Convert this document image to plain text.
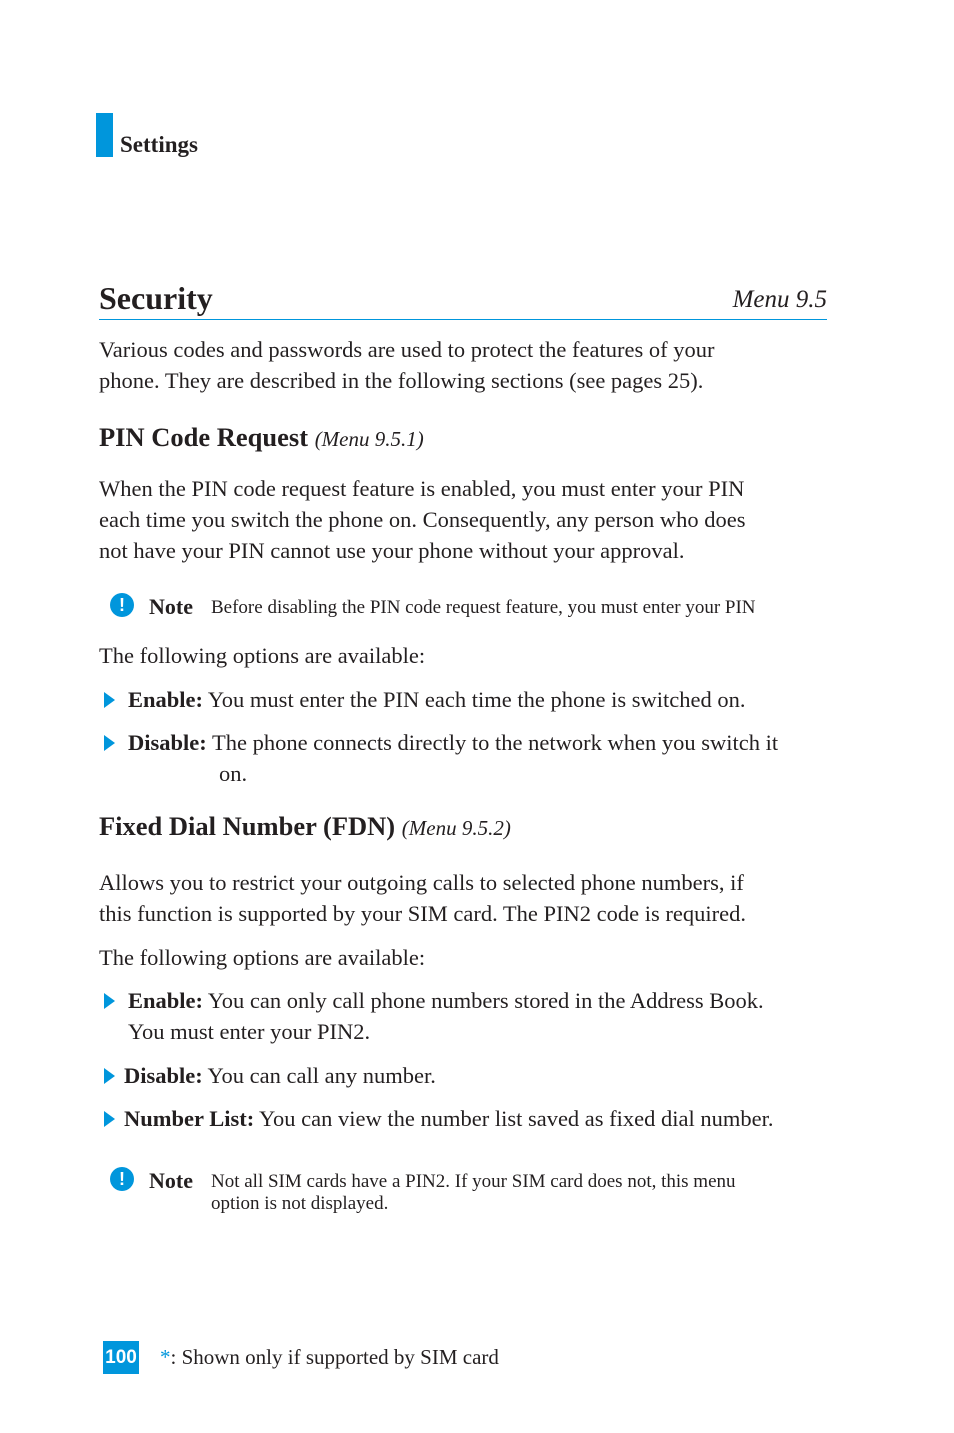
Settings
Security	Menu 9.5
Various codes and passwords are used to protect the features of your
phone. They are described in the following sections (see pages 25).
PIN Code Request (Menu 9.5.1)
When the PIN code request feature is enabled, you must enter your PIN
each time you switch the phone on. Consequently, any person who does
not have your PIN cannot use your phone without your approval.
!	Note Before disabling the PIN code request feature, you must enter your PIN
The following options are available:
Enable: You must enter the PIN each time the phone is switched on.
Disable: The phone connects directly to the network when you switch it
on.
Fixed Dial Number (FDN) (Menu 9.5.2)
Allows you to restrict your outgoing calls to selected phone numbers, if
this function is supported by your SIM card. The PIN2 code is required.
The following options are available:
Enable: You can only call phone numbers stored in the Address Book.
You must enter your PIN2.
Disable: You can call any number.
Number List: You can view the number list saved as fixed dial number.
!	Note Not all SIM cards have a PIN2. If your SIM card does not, this menu
option is not displayed.
100 *: Shown only if supported by SIM card
